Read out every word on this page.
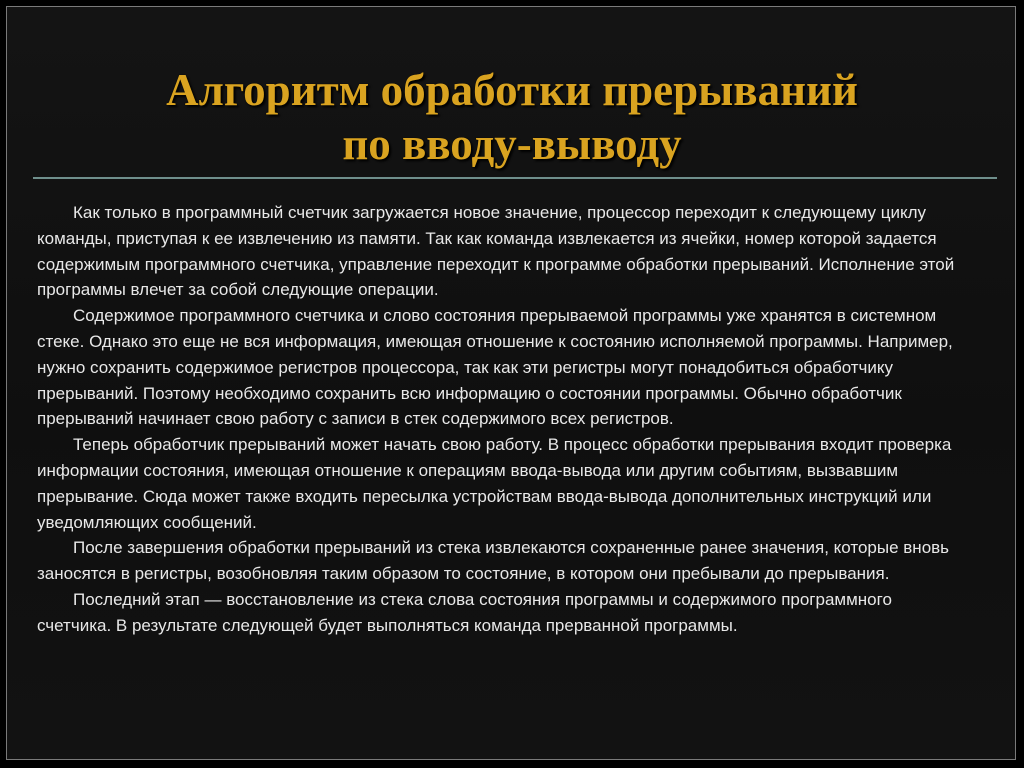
Алгоритм обработки прерываний
по вводу-выводу

Как только в программный счетчик загружается новое значение, процессор переходит к следующему циклу команды, приступая к ее извлечению из памяти. Так как команда извлекается из ячейки, номер которой задается содержимым программного счетчика, управление переходит к программе обработки прерываний. Исполнение этой программы влечет за собой следующие операции.

Содержимое программного счетчика и слово состояния прерываемой программы уже хранятся в системном стеке. Однако это еще не вся информация, имеющая отношение к состоянию исполняемой программы. Например, нужно сохранить содержимое регистров процессора, так как эти регистры могут понадобиться обработчику прерываний. Поэтому необходимо сохранить всю информацию о состоянии программы. Обычно обработчик прерываний начинает свою работу с записи в стек содержимого всех регистров.

Теперь обработчик прерываний может начать свою работу. В процесс обработки прерывания входит проверка информации состояния, имеющая отношение к операциям ввода-вывода или другим событиям, вызвавшим прерывание. Сюда может также входить пересылка устройствам ввода-вывода дополнительных инструкций или уведомляющих сообщений.

После завершения обработки прерываний из стека извлекаются сохраненные ранее значения, которые вновь заносятся в регистры, возобновляя таким образом то состояние, в котором они пребывали до прерывания.

Последний этап — восстановление из стека слова состояния программы и содержимого программного счетчика. В результате следующей будет выполняться команда прерванной программы.
